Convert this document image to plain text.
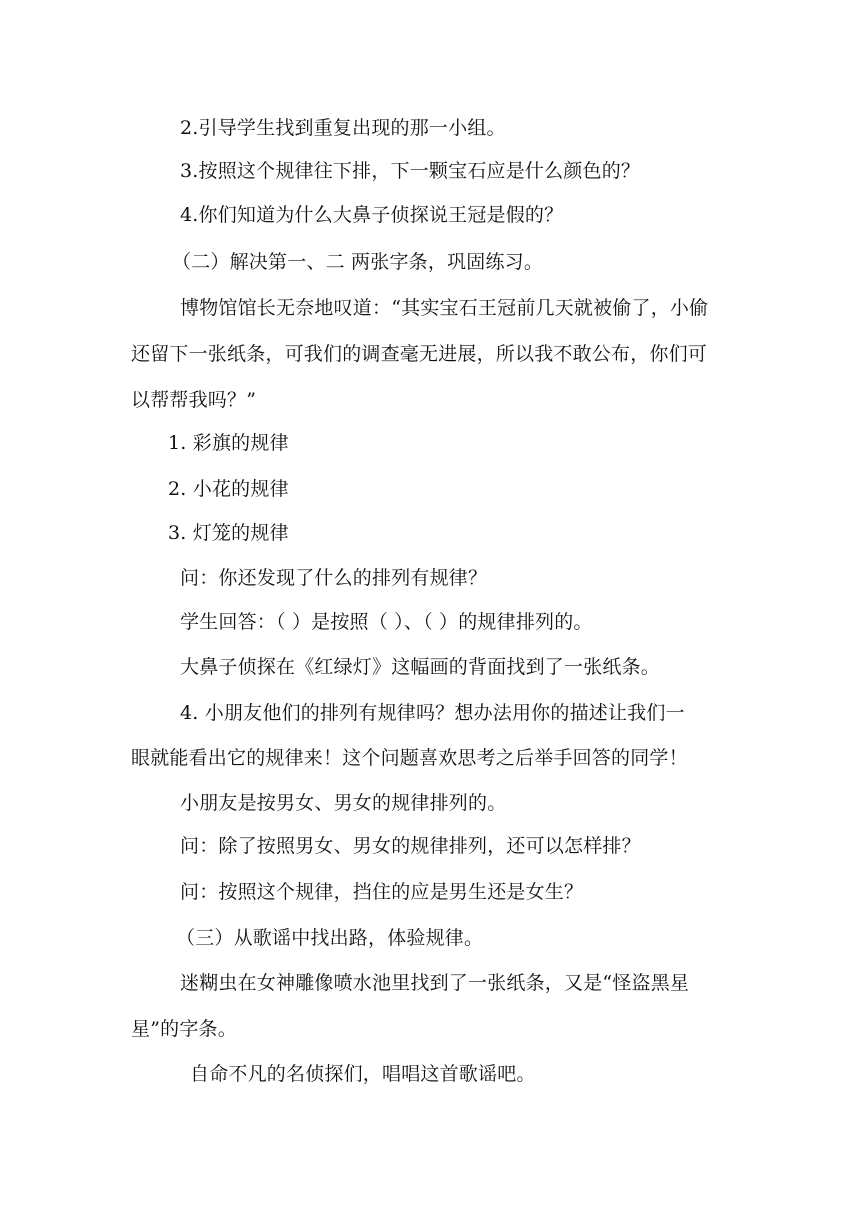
2.引导学生找到重复出现的那一小组。
3.按照这个规律往下排，下一颗宝石应是什么颜色的？
4.你们知道为什么大鼻子侦探说王冠是假的？
（二）解决第一、二 两张字条，巩固练习。
博物馆馆长无奈地叹道：“其实宝石王冠前几天就被偷了，小偷
还留下一张纸条，可我们的调查毫无进展，所以我不敢公布，你们可
以帮帮我吗？”
1. 彩旗的规律
2. 小花的规律
3. 灯笼的规律
问：你还发现了什么的排列有规律？
学生回答：（ ）是按照（ ）、（ ）的规律排列的。
大鼻子侦探在《红绿灯》这幅画的背面找到了一张纸条。
4. 小朋友他们的排列有规律吗？想办法用你的描述让我们一
眼就能看出它的规律来！这个问题喜欢思考之后举手回答的同学！
小朋友是按男女、男女的规律排列的。
问：除了按照男女、男女的规律排列，还可以怎样排？
问：按照这个规律，挡住的应是男生还是女生？
（三）从歌谣中找出路，体验规律。
迷糊虫在女神雕像喷水池里找到了一张纸条，又是“怪盗黑星
星”的字条。
自命不凡的名侦探们，唱唱这首歌谣吧。
